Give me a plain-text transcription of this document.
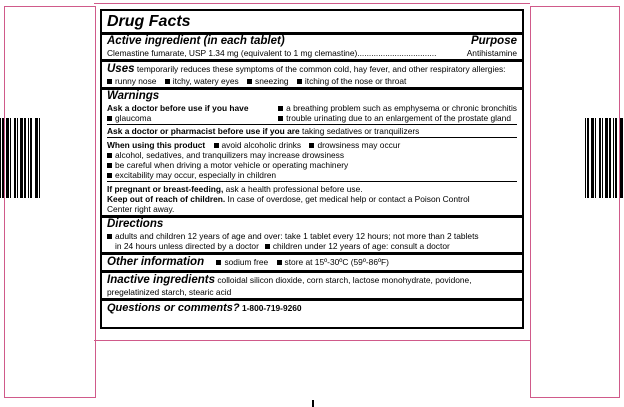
Drug Facts
Active ingredient (in each tablet)	Purpose
Clemastine fumarate, USP 1.34 mg (equivalent to 1 mg clemastine) ..................................	Antihistamine
Uses temporarily reduces these symptoms of the common cold, hay fever, and other respiratory allergies:
runny nose itchy, watery eyes sneezing itching of the nose or throat
Warnings
Ask a doctor before use if you have
glaucoma
a breathing problem such as emphysema or chronic bronchitis
trouble urinating due to an enlargement of the prostate gland
Ask a doctor or pharmacist before use if you are taking sedatives or tranquilizers
When using this product avoid alcoholic drinks drowsiness may occur
alcohol, sedatives, and tranquilizers may increase drowsiness
be careful when driving a motor vehicle or operating machinery
excitability may occur, especially in children
If pregnant or breast-feeding, ask a health professional before use.
Keep out of reach of children. In case of overdose, get medical help or contact a Poison Control
Center right away.
Directions
adults and children 12 years of age and over: take 1 tablet every 12 hours; not more than 2 tablets
in 24 hours unless directed by a doctor children under 12 years of age: consult a doctor
Other information sodium free store at 15º-30ºC (59º-86ºF)
Inactive ingredients colloidal silicon dioxide, corn starch, lactose monohydrate, povidone,
pregelatinized starch, stearic acid
Questions or comments? 1-800-719-9260
